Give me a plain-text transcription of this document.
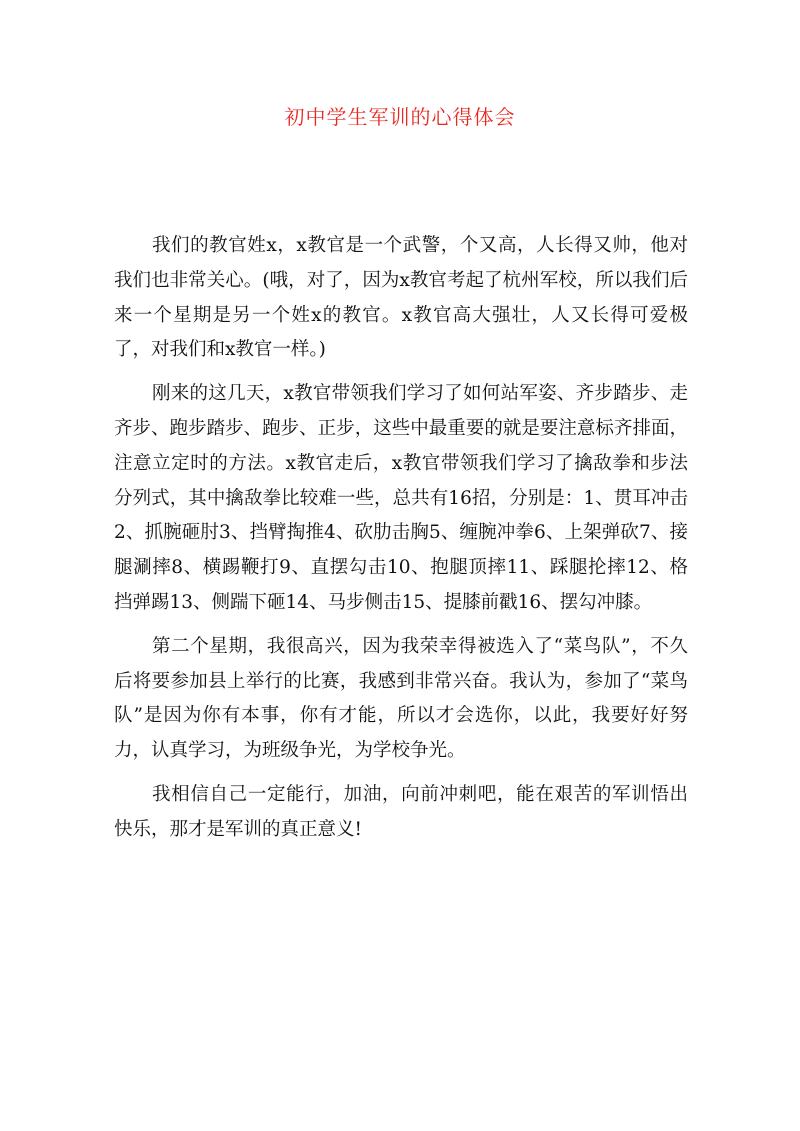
初中学生军训的心得体会

我们的教官姓x，x教官是一个武警，个又高，人长得又帅，他对我们也非常关心。(哦，对了，因为x教官考起了杭州军校，所以我们后来一个星期是另一个姓x的教官。x教官高大强壮，人又长得可爱极了，对我们和x教官一样。)

刚来的这几天，x教官带领我们学习了如何站军姿、齐步踏步、走齐步、跑步踏步、跑步、正步，这些中最重要的就是要注意标齐排面，注意立定时的方法。x教官走后，x教官带领我们学习了擒敌拳和步法分列式，其中擒敌拳比较难一些，总共有16招，分别是：1、贯耳冲击2、抓腕砸肘3、挡臂掏推4、砍肋击胸5、缠腕冲拳6、上架弹砍7、接腿涮摔8、横踢鞭打9、直摆勾击10、抱腿顶摔11、踩腿抡摔12、格挡弹踢13、侧踹下砸14、马步侧击15、提膝前戳16、摆勾冲膝。

第二个星期，我很高兴，因为我荣幸得被选入了“菜鸟队”，不久后将要参加县上举行的比赛，我感到非常兴奋。我认为，参加了“菜鸟队”是因为你有本事，你有才能，所以才会选你，以此，我要好好努力，认真学习，为班级争光，为学校争光。

我相信自己一定能行，加油，向前冲刺吧，能在艰苦的军训悟出快乐，那才是军训的真正意义!
